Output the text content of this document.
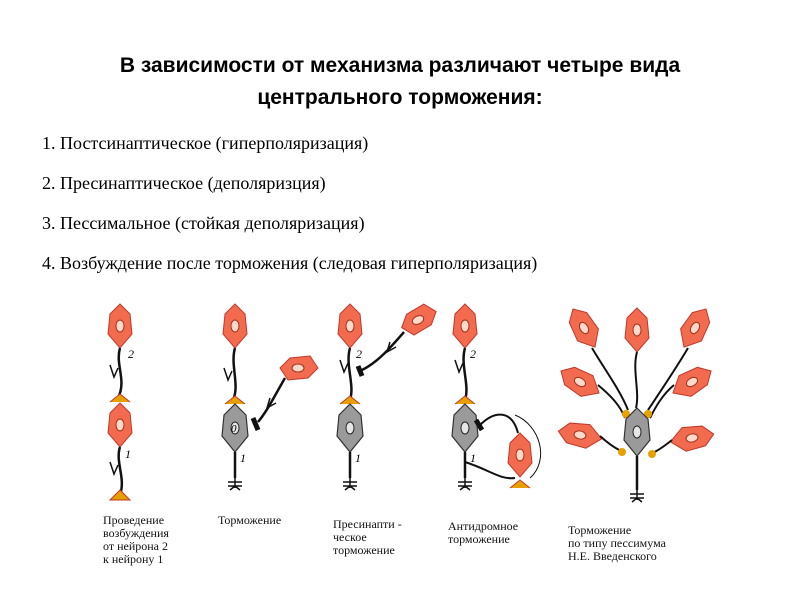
В зависимости от механизма различают четыре вида
центрального торможения:
1. Постсинаптическое (гиперполяризация)
2. Пресинаптическое (деполяризция)
3. Пессимальное (стойкая деполяризация)
4. Возбуждение после торможения (следовая гиперполяризация)
2
1
0
1
2
1
2
1
Проведение
возбуждения
от нейрона 2
к нейрону 1
Торможение	Пресинапти -
ческое
торможение
Антидромное
торможение
Торможение
по типу пессимума
Н.Е. Введенского
